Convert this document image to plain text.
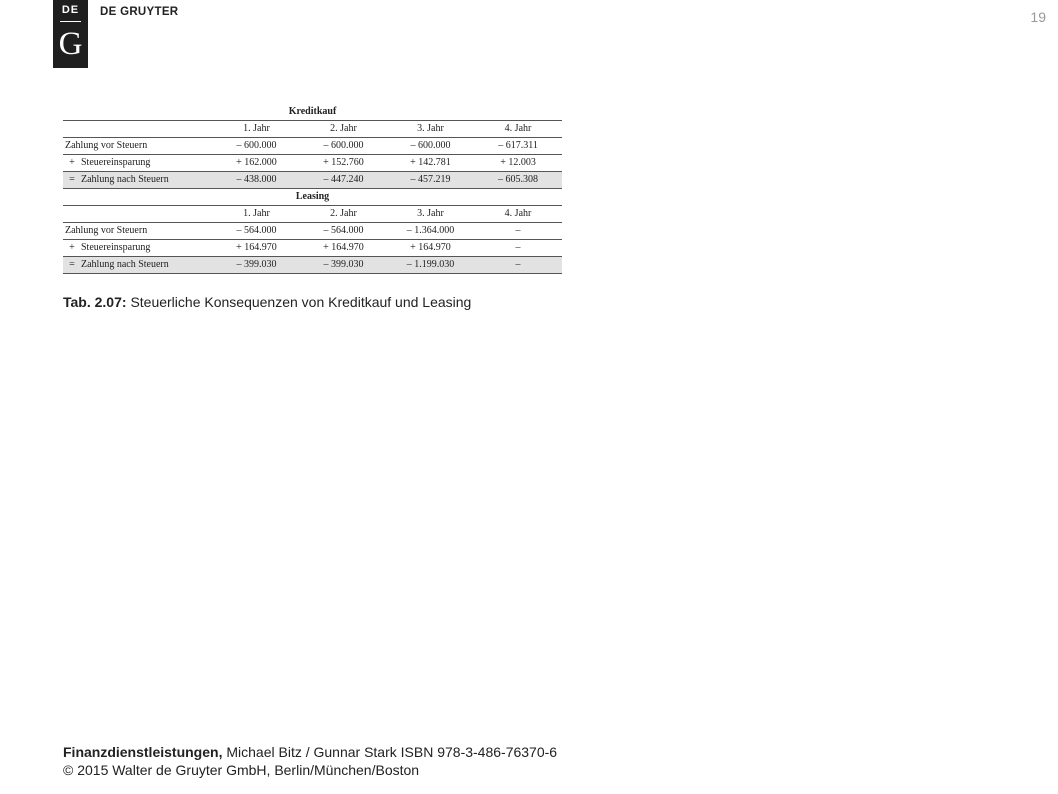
DE
G
DE GRUYTER	19
Kreditkauf				
	1. Jahr	2. Jahr	3. Jahr	4. Jahr
Zahlung vor Steuern	– 600.000	– 600.000	– 600.000	– 617.311
+ Steuereinsparung	+ 162.000	+ 152.760	+ 142.781	+ 12.003
= Zahlung nach Steuern	– 438.000	– 447.240	– 457.219	– 605.308
Leasing				
	1. Jahr	2. Jahr	3. Jahr	4. Jahr
Zahlung vor Steuern	– 564.000	– 564.000	– 1.364.000	–
+ Steuereinsparung	+ 164.970	+ 164.970	+ 164.970	–
= Zahlung nach Steuern	– 399.030	– 399.030	– 1.199.030	–
Tab. 2.07: Steuerliche Konsequenzen von Kreditkauf und Leasing
Finanzdienstleistungen, Michael Bitz / Gunnar Stark ISBN 978-3-486-76370-6
© 2015 Walter de Gruyter GmbH, Berlin/München/Boston
